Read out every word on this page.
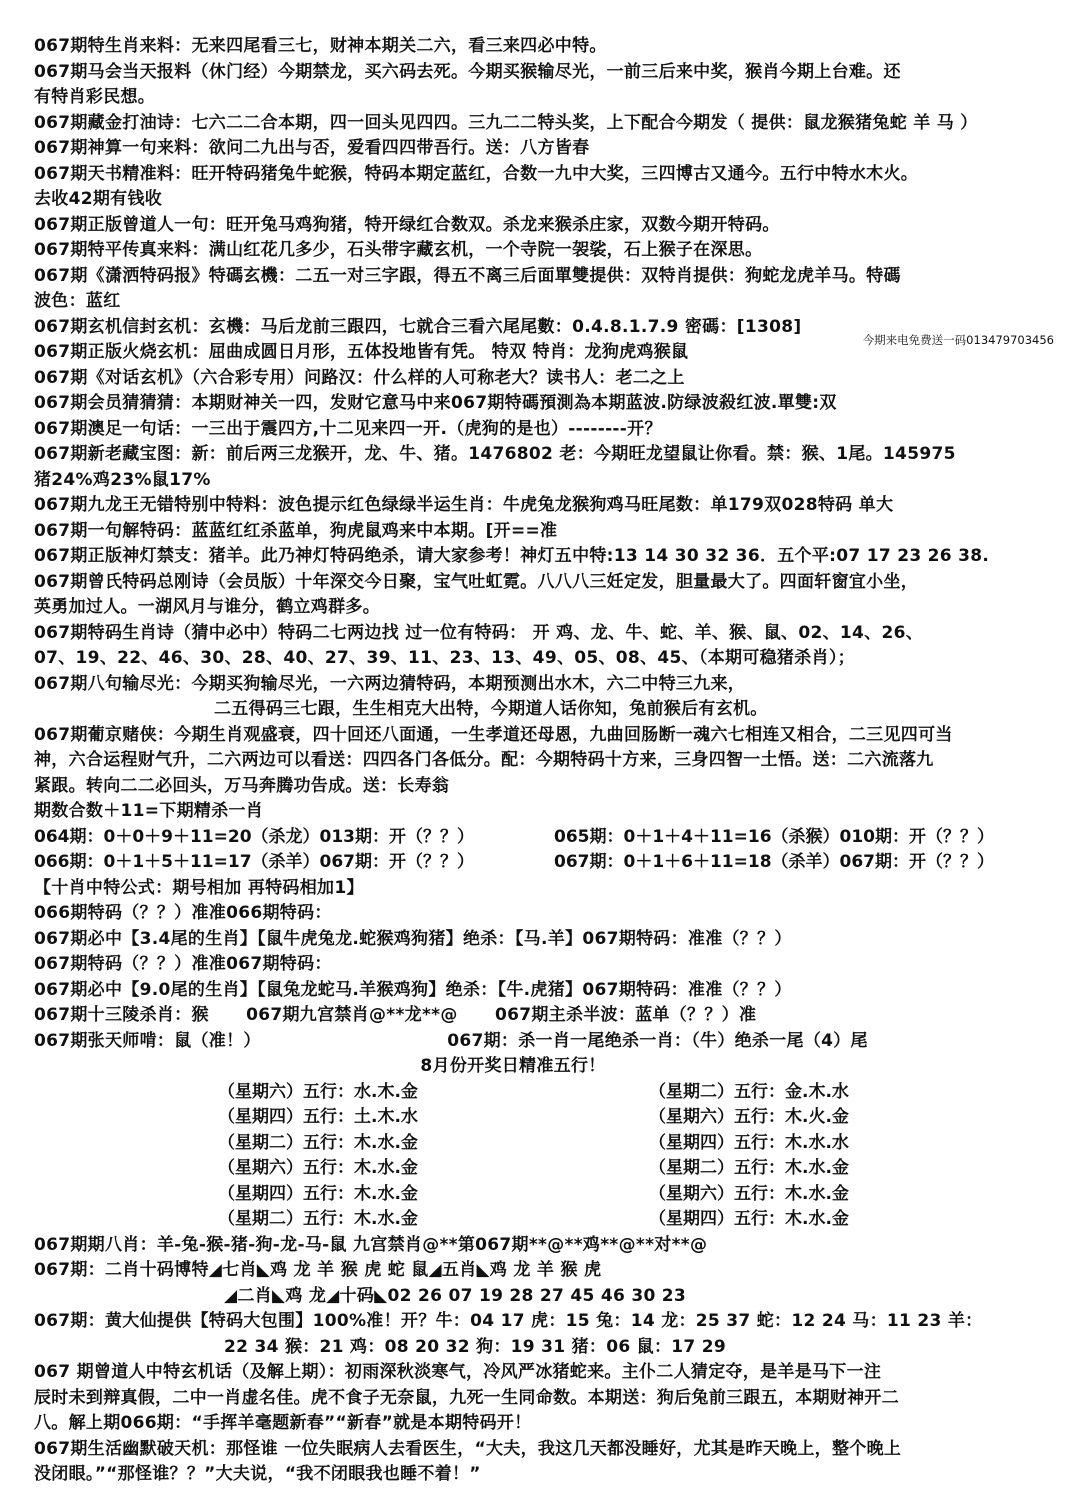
今期来电免费送一码013479703456
067期特生肖来料：无来四尾看三七，财神本期关二六，看三来四必中特。
067期马会当天报料（休门经）今期禁龙，买六码去死。今期买猴输尽光，一前三后来中奖，猴肖今期上台难。还
有特肖彩民想。
067期藏金打油诗：七六二二合本期，四一回头见四四。三九二二特头奖，上下配合今期发（ 提供：鼠龙猴猪兔蛇 羊 马 ）
067期神算一句来料：欲问二九出与否，爱看四四带吾行。送：八方皆春
067期天书精准料：旺开特码猪兔牛蛇猴，特码本期定蓝红，合数一九中大奖，三四博古又通今。五行中特水木火。
去收42期有钱收
067期正版曾道人一句：旺开兔马鸡狗猪，特开绿红合数双。杀龙来猴杀庄家，双数今期开特码。
067期特平传真来料：满山红花几多少，石头带字藏玄机，一个寺院一袈裟，石上猴子在深思。
067期《潇洒特码报》特碼玄機：二五一对三字跟，得五不离三后面單雙提供：双特肖提供：狗蛇龙虎羊马。特碼
波色：蓝红
067期玄机信封玄机：玄機：马后龙前三跟四，七就合三看六尾尾數：0.4.8.1.7.9 密碼：[1308]
067期正版火烧玄机：屈曲成圆日月形，五体投地皆有凭。 特双 特肖：龙狗虎鸡猴鼠
067期《对话玄机》（六合彩专用）问路汉：什么样的人可称老大？读书人：老二之上
067期会员猜猜猜：本期财神关一四，发财它意马中来067期特碼預測為本期蓝波.防绿波殺红波.單雙:双
067期澳足一句话：一三出于震四方,十二见来四一开.（虎狗的是也）--------开？
067期新老藏宝图：新：前后两三龙猴开，龙、牛、猪。1476802 老：今期旺龙望鼠让你看。禁：猴、1尾。145975
猪24%鸡23%鼠17%
067期九龙王无错特别中特料：波色提示红色绿绿半运生肖：牛虎兔龙猴狗鸡马旺尾数：单179双028特码 单大
067期一句解特码：蓝蓝红红杀蓝单，狗虎鼠鸡来中本期。[开==准
067期正版神灯禁支：猪羊。此乃神灯特码绝杀，请大家参考！神灯五中特:13 14 30 32 36．五个平:07 17 23 26 38.
067期曾氏特码总刚诗（会员版）十年深交今日聚，宝气吐虹霓。八八八三妊定发，胆量最大了。四面轩窗宜小坐，
英勇加过人。一湖风月与谁分，鹤立鸡群多。
067期特码生肖诗（猜中必中）特码二七两边找 过一位有特码： 开 鸡、龙、牛、蛇、羊、猴、鼠、02、14、26、
07、19、22、46、30、28、40、27、39、11、23、13、49、05、08、45、（本期可稳猪杀肖）；
067期八句输尽光：今期买狗输尽光，一六两边猜特码，本期预测出水木，六二中特三九来，
二五得码三七跟，生生相克大出特，今期道人话你知，兔前猴后有玄机。
067期葡京赌侠：今期生肖观盛衰，四十回还八面通，一生孝道还母恩，九曲回肠断一魂六七相连又相合，二三见四可当
神，六合运程财气升，二六两边可以看送：四四各门各低分。配：今期特码十方来，三身四智一土悟。送：二六流落九
紧跟。转向二二必回头，万马奔腾功告成。送：长寿翁
期数合数＋11=下期精杀一肖
064期：0＋0＋9＋11=20（杀龙）013期：开（？？）	065期：0＋1＋4＋11=16（杀猴）010期：开（？？）
066期：0＋1＋5＋11=17（杀羊）067期：开（？？）	067期：0＋1＋6＋11=18（杀羊）067期：开（？？）
【十肖中特公式：期号相加 再特码相加1】
066期特码（？？）准准066期特码：
067期必中【3.4尾的生肖】【鼠牛虎兔龙.蛇猴鸡狗猪】绝杀：【马.羊】067期特码：准准（？？）
067期特码（？？）准准067期特码：
067期必中【9.0尾的生肖】【鼠兔龙蛇马.羊猴鸡狗】绝杀：【牛.虎猪】067期特码：准准（？？）
067期十三陵杀肖：猴      067期九宫禁肖@**龙**@      067期主杀半波：蓝单（？？）准
067期张天师啃：鼠（准！）                              067期：杀一肖一尾绝杀一肖：（牛）绝杀一尾（4）尾
8月份开奖日精准五行！
（星期六）五行：水.木.金	（星期二）五行：金.木.水
（星期四）五行：土.木.水	（星期六）五行：木.火.金
（星期二）五行：木.水.金	（星期四）五行：木.水.水
（星期六）五行：木.水.金	（星期二）五行：木.水.金
（星期四）五行：木.水.金	（星期六）五行：木.水.金
（星期二）五行：木.水.金	（星期四）五行：木.水.金
067期期八肖：羊-兔-猴-猪-狗-龙-马-鼠 九宫禁肖@**第067期**@**鸡**@**对**@
067期：二肖十码博特◢七肖◣鸡 龙 羊 猴 虎 蛇 鼠◢五肖◣鸡 龙 羊 猴 虎
◢二肖◣鸡 龙◢十码◣02 26 07 19 28 27 45 46 30 23
067期：黄大仙提供【特码大包围】100%准！开？牛：04 17 虎：15 兔：14 龙：25 37 蛇：12 24 马：11 23 羊：
22 34 猴：21 鸡：08 20 32 狗：19 31 猪：06 鼠：17 29
067 期曾道人中特玄机话（及解上期）：初雨深秋淡寒气，冷风严冰猪蛇来。主仆二人猜定夺，是羊是马下一注
辰时未到辩真假，二中一肖虚名佳。虎不食子无奈鼠，九死一生同命数。本期送：狗后兔前三跟五，本期财神开二
八。解上期066期：“手挥羊毫题新春”“新春”就是本期特码开！
067期生活幽默破天机：那怪谁 一位失眠病人去看医生，“大夫，我这几天都没睡好，尤其是昨天晚上，整个晚上
没闭眼。”“那怪谁？？”大夫说，“我不闭眼我也睡不着！”
